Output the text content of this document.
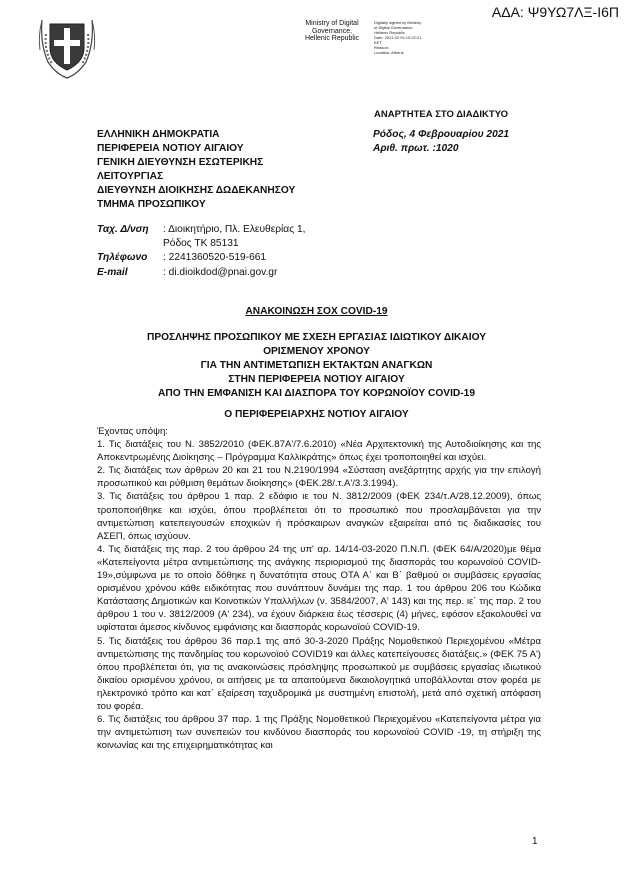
ΑΔΑ: Ψ9ΥΩ7ΛΞ-Ι6Π
Ministry of Digital
Governance,
Hellenic Republic
Digitally signed by Ministry
of Digital Governance,
Hellenic Republic
Date: 2021.02.04 10:22:21
EET
Reason:
Location: Athens
ΑΝΑΡΤΗΤΕΑ ΣΤΟ ΔΙΑΔΙΚΤΥΟ
ΕΛΛΗΝΙΚΗ ΔΗΜΟΚΡΑΤΙΑ
ΠΕΡΙΦΕΡΕΙΑ ΝΟΤΙΟΥ ΑΙΓΑΙΟΥ
ΓΕΝΙΚΗ ΔΙΕΥΘΥΝΣΗ ΕΣΩΤΕΡΙΚΗΣ
ΛΕΙΤΟΥΡΓΙΑΣ
ΔΙΕΥΘΥΝΣΗ ΔΙΟΙΚΗΣΗΣ ΔΩΔΕΚΑΝΗΣΟΥ
ΤΜΗΜΑ ΠΡΟΣΩΠΙΚΟΥ
Ρόδος, 4 Φεβρουαρίου 2021
Αριθ. πρωτ. :1020
Ταχ. Δ/νση : Διοικητήριο, Πλ. Ελευθερίας 1,
Ρόδος ΤΚ 85131
Τηλέφωνο : 2241360520-519-661
E-mail	: di.dioikdod@pnai.gov.gr
ΑΝΑΚΟΙΝΩΣΗ ΣΟΧ COVID-19
ΠΡΟΣΛΗΨΗΣ ΠΡΟΣΩΠΙΚΟΥ ΜΕ ΣΧΕΣΗ ΕΡΓΑΣΙΑΣ ΙΔΙΩΤΙΚΟΥ ΔΙΚΑΙΟΥ
ΟΡΙΣΜΕΝΟΥ ΧΡΟΝΟΥ
ΓΙΑ ΤΗΝ ΑΝΤΙΜΕΤΩΠΙΣΗ ΕΚΤΑΚΤΩΝ ΑΝΑΓΚΩΝ
ΣΤΗΝ ΠΕΡΙΦΕΡΕΙΑ ΝΟΤΙΟΥ ΑΙΓΑΙΟΥ
ΑΠΟ ΤΗΝ ΕΜΦΑΝΙΣΗ ΚΑΙ ΔΙΑΣΠΟΡΑ ΤΟΥ ΚΟΡΩΝΟΪΟΥ COVID-19
Ο ΠΕΡΙΦΕΡΕΙΑΡΧΗΣ ΝΟΤΙΟΥ ΑΙΓΑΙΟΥ

Έχοντας υπόψη:

1. Τις διατάξεις του Ν. 3852/2010 (ΦΕΚ.87Α'/7.6.2010) «Νέα Αρχιτεκτονική της Αυτοδιοίκησης και της Αποκεντρωμένης Διοίκησης – Πρόγραμμα Καλλικράτης» όπως έχει τροποποιηθεί και ισχύει.

2. Τις διατάξεις των άρθρων 20 και 21 του Ν.2190/1994 «Σύσταση ανεξάρτητης αρχής για την επιλογή προσωπικού και ρύθμιση θεμάτων διοίκησης» (ΦΕΚ.28/.τ.Α'/3.3.1994).

3. Τις διατάξεις του άρθρου 1 παρ. 2 εδάφιο ιε του Ν. 3812/2009 (ΦΕΚ 234/τ.Α/28.12.2009), όπως τροποποιήθηκε και ισχύει, όπου προβλέπεται ότι το προσωπικό που προσλαμβάνεται για την αντιμετώπιση κατεπειγουσών εποχικών ή πρόσκαιρων αναγκών εξαιρείται από τις διαδικασίες του ΑΣΕΠ, όπως ισχύουν.

4. Τις διατάξεις της παρ. 2 του άρθρου 24 της υπ' αρ. 14/14-03-2020 Π.Ν.Π. (ΦΕΚ 64/Α/2020)με θέμα «Κατεπείγοντα μέτρα αντιμετώπισης της ανάγκης περιορισμού της διασποράς του κορωνοϊού COVID-19»,σύμφωνα με το οποίο δόθηκε η δυνατότητα στους ΟΤΑ Α΄ και Β΄ βαθμού οι συμβάσεις εργασίας ορισμένου χρόνου κάθε ειδικότητας που συνάπτουν δυνάμει της παρ. 1 του άρθρου 206 του Κώδικα Κατάστασης Δημοτικών και Κοινοτικών Υπαλλήλων (ν. 3584/2007, Α' 143) και της περ. ιε΄ της παρ. 2 του άρθρου 1 του ν. 3812/2009 (Α' 234), να έχουν διάρκεια έως τέσσερις (4) μήνες, εφόσον εξακολουθεί να υφίσταται άμεσος κίνδυνος εμφάνισης και διασποράς κορωνοϊού COVID-19.

5. Τις διατάξεις του άρθρου 36 παρ.1 της από 30-3-2020 Πράξης Νομοθετικού Περιεχομένου «Μέτρα αντιμετώπισης της πανδημίας του κορωνοϊού COVID19 και άλλες κατεπείγουσες διατάξεις.» (ΦΕΚ 75 Α') όπου προβλέπεται ότι, για τις ανακοινώσεις πρόσληψης προσωπικού με συμβάσεις εργασίας ιδιωτικού δικαίου ορισμένου χρόνου, οι αιτήσεις με τα απαιτούμενα δικαιολογητικά υποβάλλονται στον φορέα με ηλεκτρονικό τρόπο και κατ΄ εξαίρεση ταχυδρομικά με συστημένη επιστολή, μετά από σχετική απόφαση του φορέα.

6. Τις διατάξεις του άρθρου 37 παρ. 1 της Πράξης Νομοθετικού Περιεχομένου «Κατεπείγοντα μέτρα για την αντιμετώπιση των συνεπειών του κινδύνου διασποράς του κορωνοϊού COVID -19, τη στήριξη της κοινωνίας και της επιχειρηματικότητας και

1
